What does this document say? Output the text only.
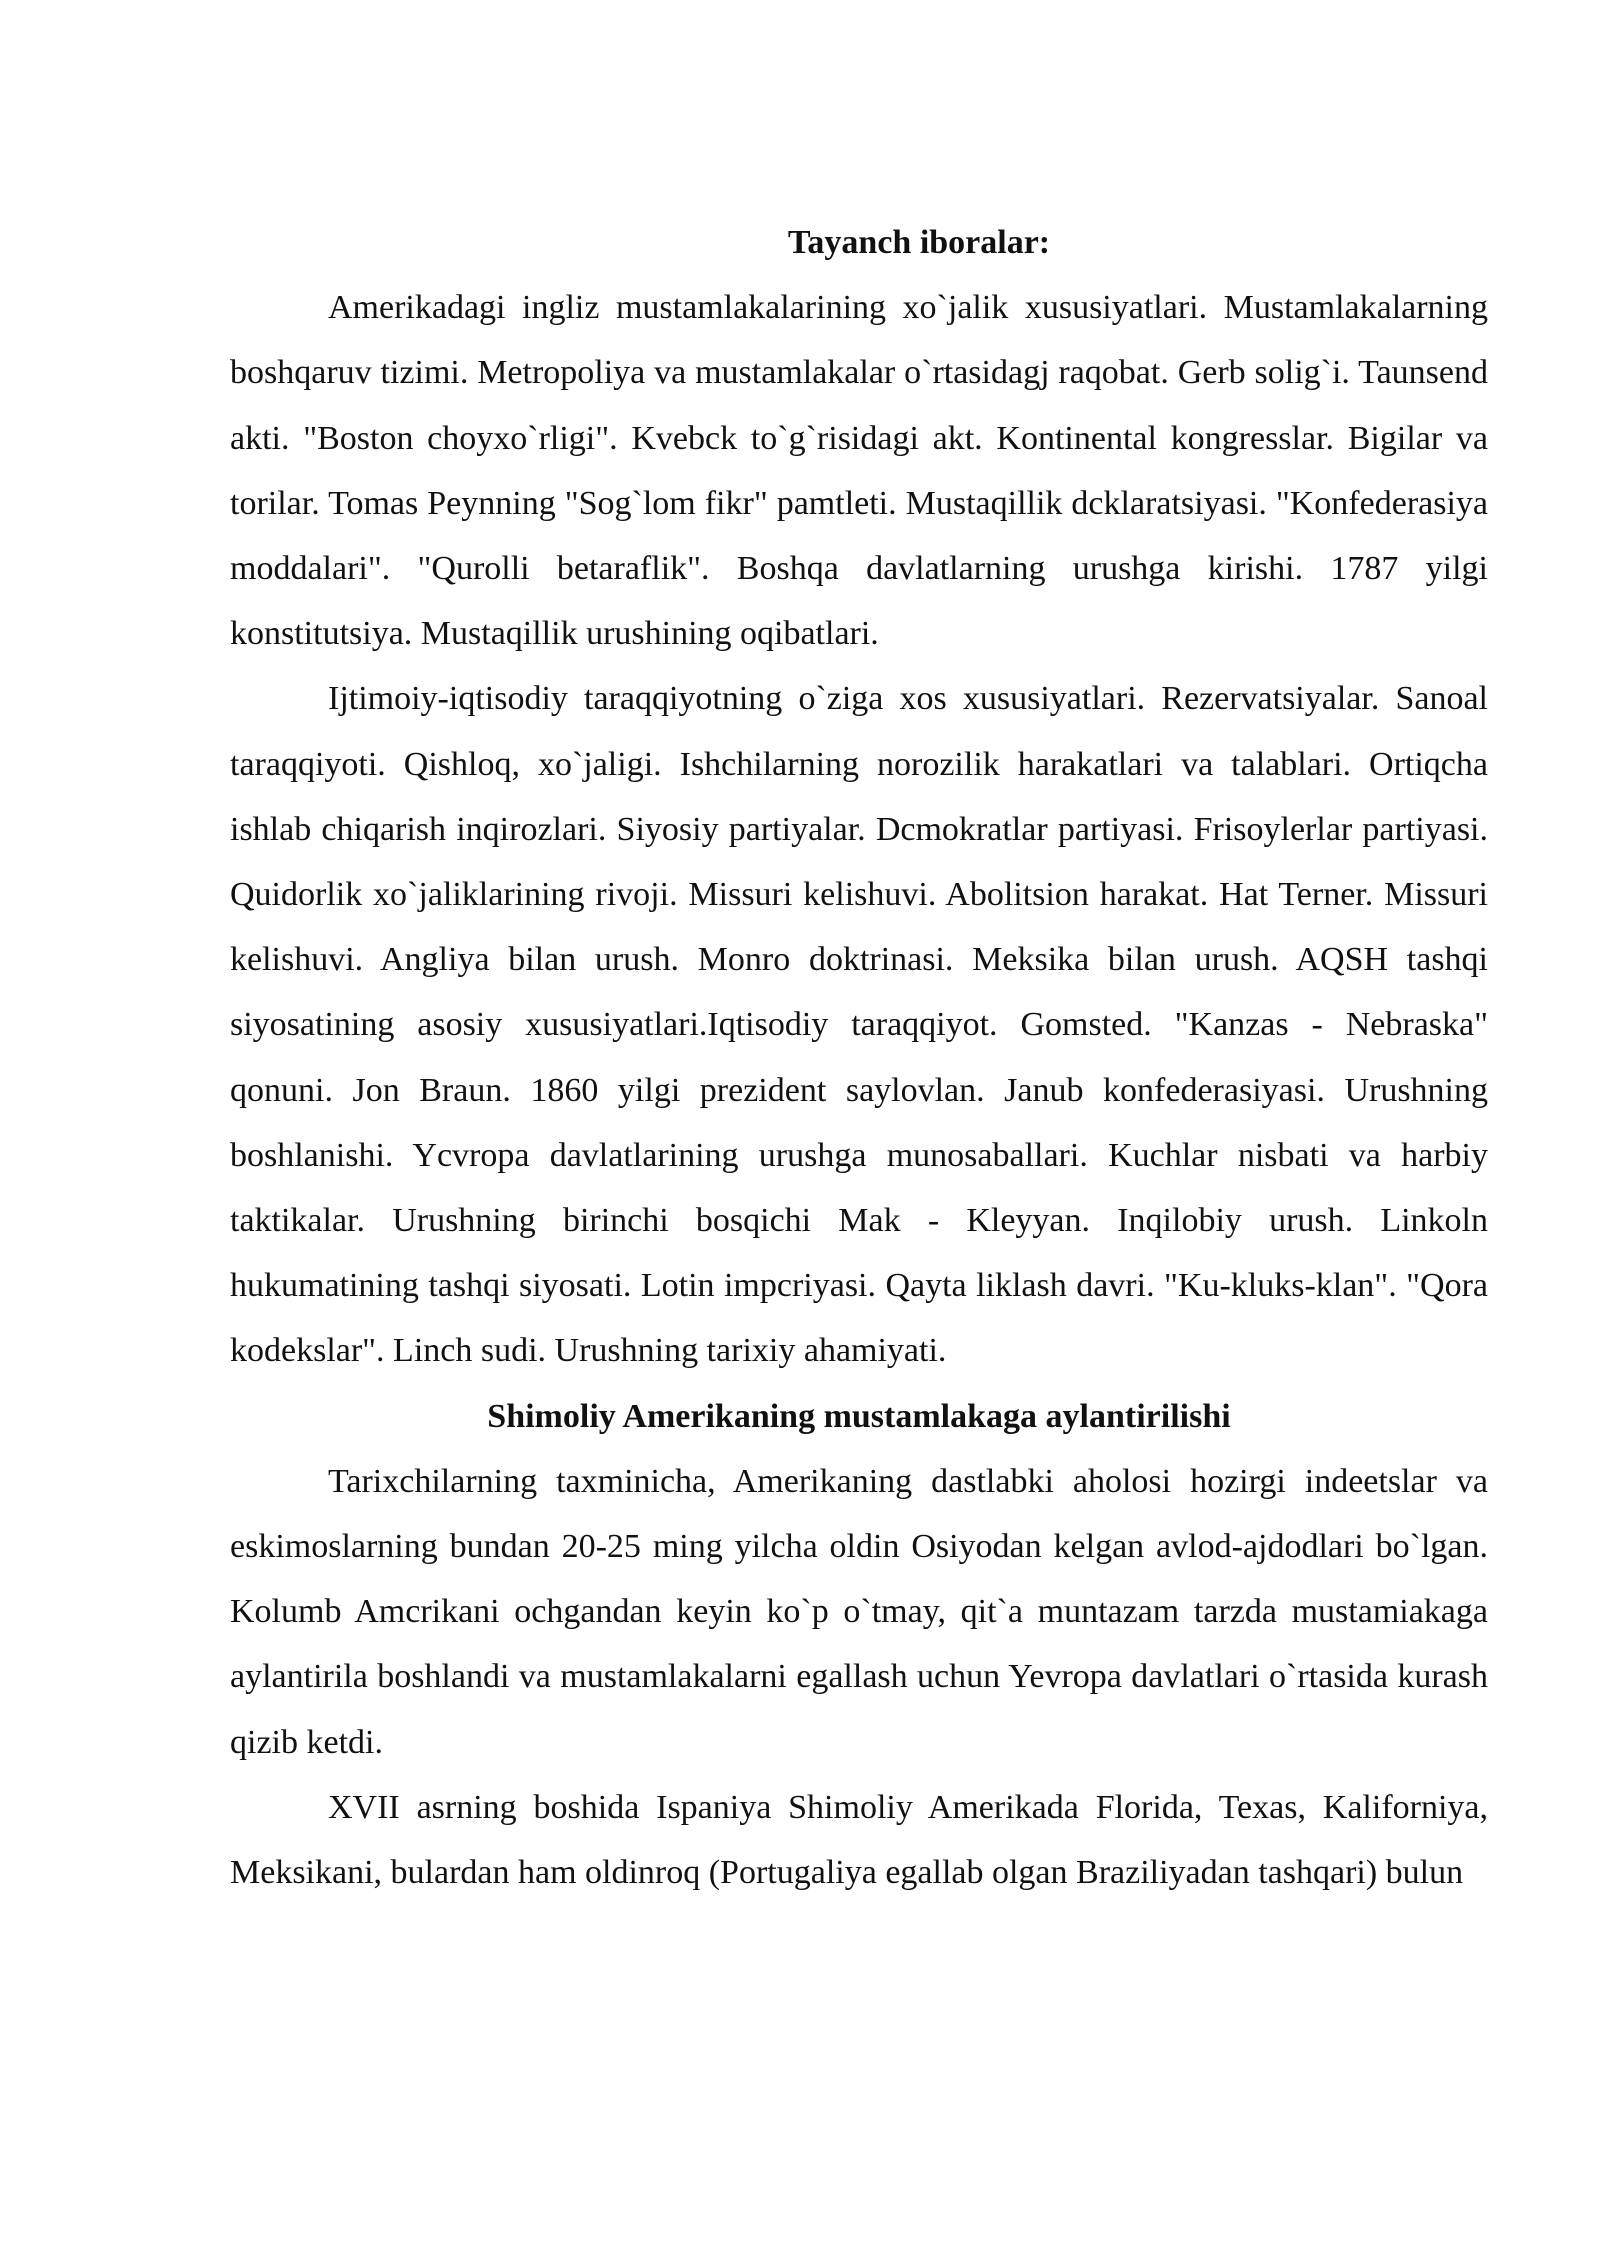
Tayanch iboralar:

Amerikadagi ingliz mustamlakalarining xo`jalik xususiyatlari. Mustamlakalarning boshqaruv tizimi. Metropoliya va mustamlakalar o`rtasidagj raqobat. Gerb solig`i. Taunsend akti. "Boston choyxo`rligi". Kvebck to`g`risidagi akt. Kontinental kongresslar. Bigilar va torilar. Tomas Peynning "Sog`lom fikr" pamtleti. Mustaqillik dcklaratsiyasi. "Konfederasiya moddalari". "Qurolli betaraflik". Boshqa davlatlarning urushga kirishi. 1787 yilgi konstitutsiya. Mustaqillik urushining oqibatlari.

Ijtimoiy-iqtisodiy taraqqiyotning o`ziga xos xususiyatlari. Rezervatsiyalar. Sanoal taraqqiyoti. Qishloq, xo`jaligi. Ishchilarning norozilik harakatlari va talablari. Ortiqcha ishlab chiqarish inqirozlari. Siyosiy partiyalar. Dcmokratlar partiyasi. Frisoylerlar partiyasi. Quidorlik xo`jaliklarining rivoji. Missuri kelishuvi. Abolitsion harakat. Hat Terner. Missuri kelishuvi. Angliya bilan urush. Monro doktrinasi. Meksika bilan urush. AQSH tashqi siyosatining asosiy xususiyatlari.Iqtisodiy taraqqiyot. Gomsted. "Kanzas - Nebraska" qonuni. Jon Braun. 1860 yilgi prezident saylovlan. Janub konfederasiyasi. Urushning boshlanishi. Ycvropa davlatlarining urushga munosaballari. Kuchlar nisbati va harbiy taktikalar. Urushning birinchi bosqichi Mak - Kleyyan. Inqilobiy urush. Linkoln hukumatining tashqi siyosati. Lotin impcriyasi. Qayta liklash davri. "Ku-kluks-klan". "Qora kodekslar". Linch sudi. Urushning tarixiy ahamiyati.

Shimoliy Amerikaning mustamlakaga aylantirilishi

Tarixchilarning taxminicha, Amerikaning dastlabki aholosi hozirgi indeetslar va eskimoslarning bundan 20-25 ming yilcha oldin Osiyodan kelgan avlod-ajdodlari bo`lgan. Kolumb Amcrikani ochgandan keyin ko`p o`tmay, qit`a muntazam tarzda mustamiakaga aylantirila boshlandi va mustamlakalarni egallash uchun Yevropa davlatlari o`rtasida kurash qizib ketdi.

XVII asrning boshida Ispaniya Shimoliy Amerikada Florida, Texas, Kaliforniya, Meksikani, bulardan ham oldinroq (Portugaliya egallab olgan Braziliyadan tashqari) bulun
